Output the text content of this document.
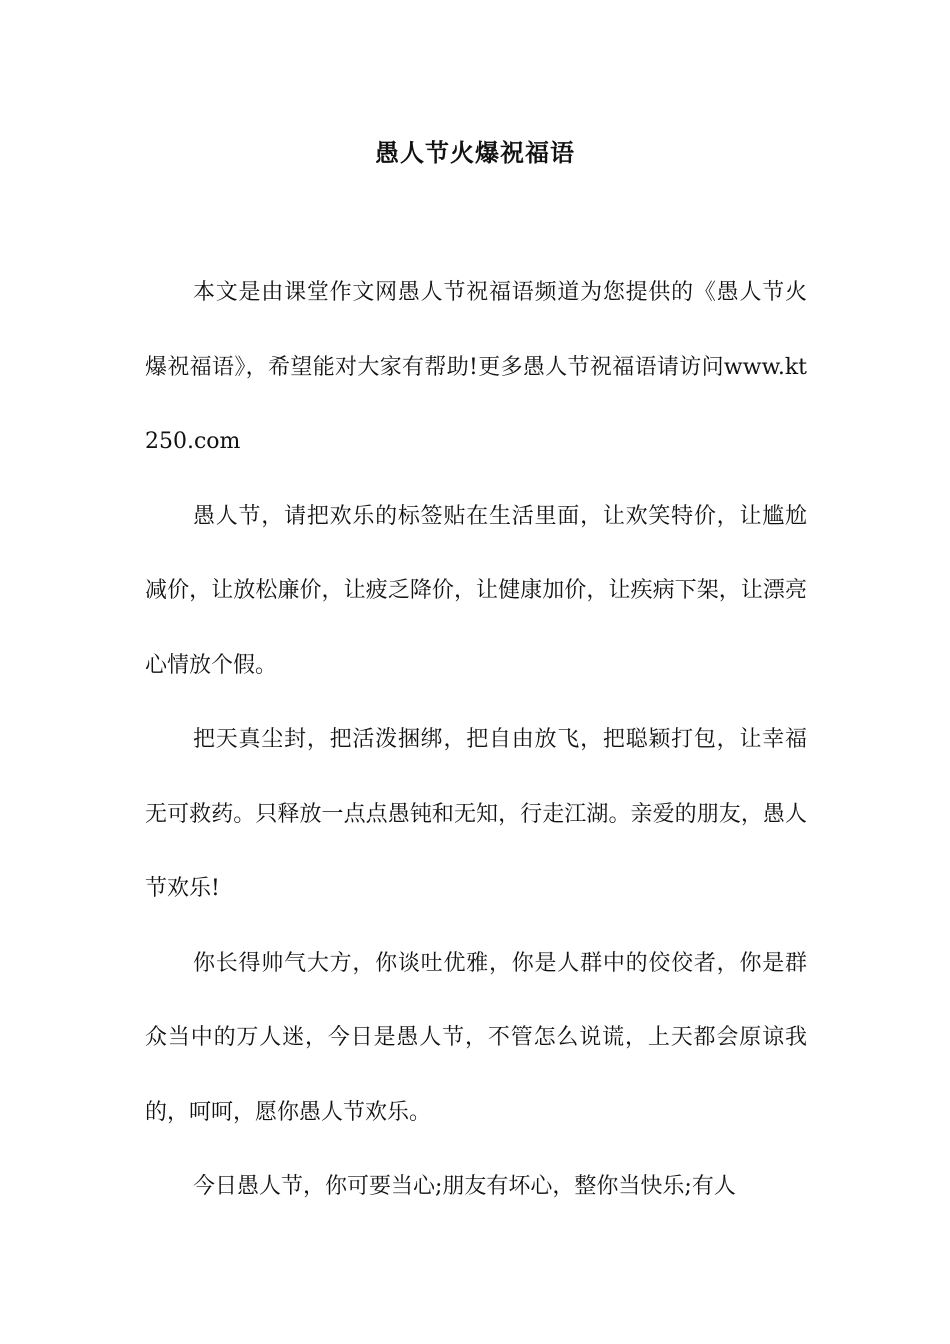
愚人节火爆祝福语

本文是由课堂作文网愚人节祝福语频道为您提供的《愚人节火爆祝福语》，希望能对大家有帮助!更多愚人节祝福语请访问www.kt250.com

愚人节，请把欢乐的标签贴在生活里面，让欢笑特价，让尴尬减价，让放松廉价，让疲乏降价，让健康加价，让疾病下架，让漂亮心情放个假。

把天真尘封，把活泼捆绑，把自由放飞，把聪颖打包，让幸福无可救药。只释放一点点愚钝和无知，行走江湖。亲爱的朋友，愚人节欢乐!

你长得帅气大方，你谈吐优雅，你是人群中的佼佼者，你是群众当中的万人迷，今日是愚人节，不管怎么说谎，上天都会原谅我的，呵呵，愿你愚人节欢乐。

今日愚人节，你可要当心;朋友有坏心，整你当快乐;有人
